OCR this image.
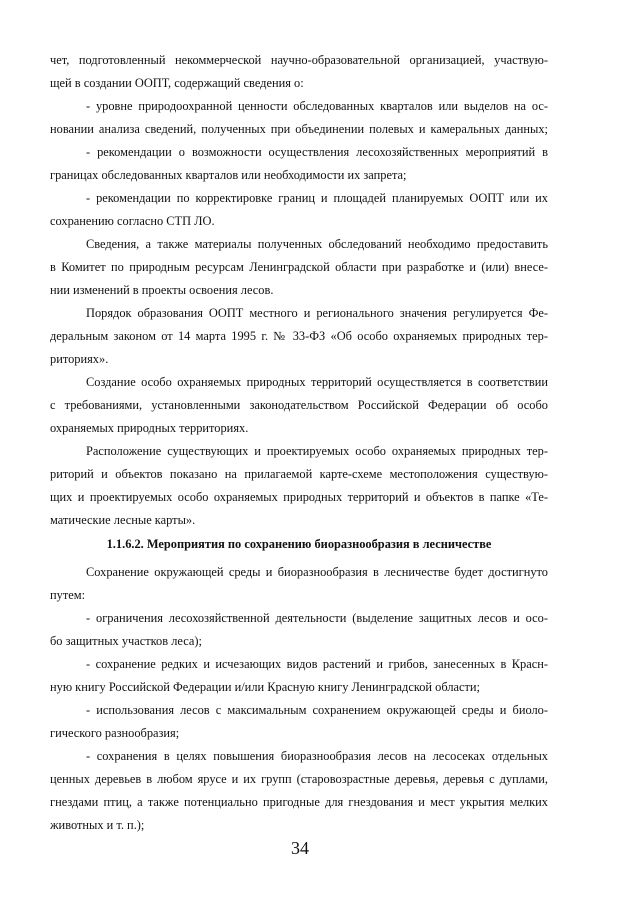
чет, подготовленный некоммерческой научно-образовательной организацией, участвую-

щей в создании ООПТ, содержащий сведения о:

- уровне природоохранной ценности обследованных кварталов или выделов на ос-

новании анализа сведений, полученных при объединении полевых и камеральных данных;

- рекомендации о возможности осуществления лесохозяйственных мероприятий в

границах обследованных кварталов или необходимости их запрета;

- рекомендации по корректировке границ и площадей планируемых ООПТ или их

сохранению согласно СТП ЛО.

Сведения, а также материалы полученных обследований необходимо предоставить

в Комитет по природным ресурсам Ленинградской области при разработке и (или) внесе-

нии изменений в проекты освоения лесов.

Порядок образования ООПТ местного и регионального значения регулируется Фе-

деральным законом от 14 марта 1995 г. № 33-ФЗ «Об особо охраняемых природных тер-

риториях».

Создание особо охраняемых природных территорий осуществляется в соответствии

с требованиями, установленными законодательством Российской Федерации об особо

охраняемых природных территориях.

Расположение существующих и проектируемых особо охраняемых природных тер-

риторий и объектов показано на прилагаемой карте-схеме местоположения существую-

щих и проектируемых особо охраняемых природных территорий и объектов в папке «Те-

матические лесные карты».

1.1.6.2. Мероприятия по сохранению биоразнообразия в лесничестве

Сохранение окружающей среды и биоразнообразия в лесничестве будет достигнуто

путем:

- ограничения лесохозяйственной деятельности (выделение защитных лесов и осо-

бо защитных участков леса);

- сохранение редких и исчезающих видов растений и грибов, занесенных в Красн-

ную книгу Российской Федерации и/или Красную книгу Ленинградской области;

- использования лесов с максимальным сохранением окружающей среды и биоло-

гического разнообразия;

- сохранения в целях повышения биоразнообразия лесов на лесосеках отдельных

ценных деревьев в любом ярусе и их групп (старовозрастные деревья, деревья с дуплами,

гнездами птиц, а также потенциально пригодные для гнездования и мест укрытия мелких

животных и т. п.);

34
